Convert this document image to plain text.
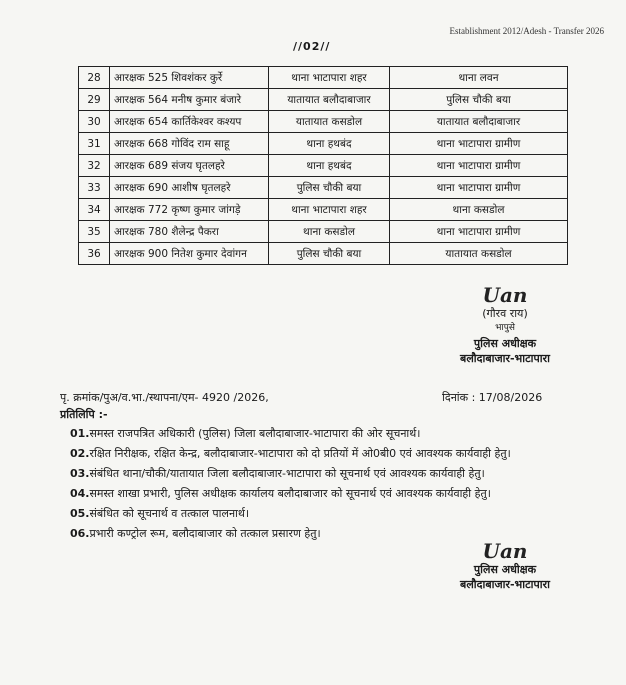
Establishment 2012/Adesh - Transfer 2026
//02//
28	आरक्षक 525 शिवशंकर कुर्रे	थाना भाटापारा शहर	थाना लवन
29	आरक्षक 564 मनीष कुमार बंजारे	यातायात बलौदाबाजार	पुलिस चौकी बया
30	आरक्षक 654 कार्तिकेश्वर कश्यप	यातायात कसडोल	यातायात बलौदाबाजार
31	आरक्षक 668 गोविंद राम साहू	थाना हथबंद	थाना भाटापारा ग्रामीण
32	आरक्षक 689 संजय घृतलहरे	थाना हथबंद	थाना भाटापारा ग्रामीण
33	आरक्षक 690 आशीष घृतलहरे	पुलिस चौकी बया	थाना भाटापारा ग्रामीण
34	आरक्षक 772 कृष्ण कुमार जांगड़े	थाना भाटापारा शहर	थाना कसडोल
35	आरक्षक 780 शैलेन्द्र पैकरा	थाना कसडोल	थाना भाटापारा ग्रामीण
36	आरक्षक 900 नितेश कुमार देवांगन	पुलिस चौकी बया	यातायात कसडोल
Uan
(गौरव राय)
भापुसे
पुलिस अधीक्षक
बलौदाबाजार-भाटापारा
पृ. क्रमांक/पुअ/व.भा./स्थापना/एम- 4920 /2026,	दिनांक : 17/08/2026
प्रतिलिपि :-
01.समस्त राजपत्रित अधिकारी (पुलिस) जिला बलौदाबाजार-भाटापारा की ओर सूचनार्थ।
02.रक्षित निरीक्षक, रक्षित केन्द्र, बलौदाबाजार-भाटापारा को दो प्रतियों में ओ0बी0 एवं आवश्यक कार्यवाही हेतु।
03.संबंधित थाना/चौकी/यातायात जिला बलौदाबाजार-भाटापारा को सूचनार्थ एवं आवश्यक कार्यवाही हेतु।
04.समस्त शाखा प्रभारी, पुलिस अधीक्षक कार्यालय बलौदाबाजार को सूचनार्थ एवं आवश्यक कार्यवाही हेतु।
05.संबंधित को सूचनार्थ व तत्काल पालनार्थ।
06.प्रभारी कण्ट्रोल रूम, बलौदाबाजार को तत्काल प्रसारण हेतु।
Uan
पुलिस अधीक्षक
बलौदाबाजार-भाटापारा
